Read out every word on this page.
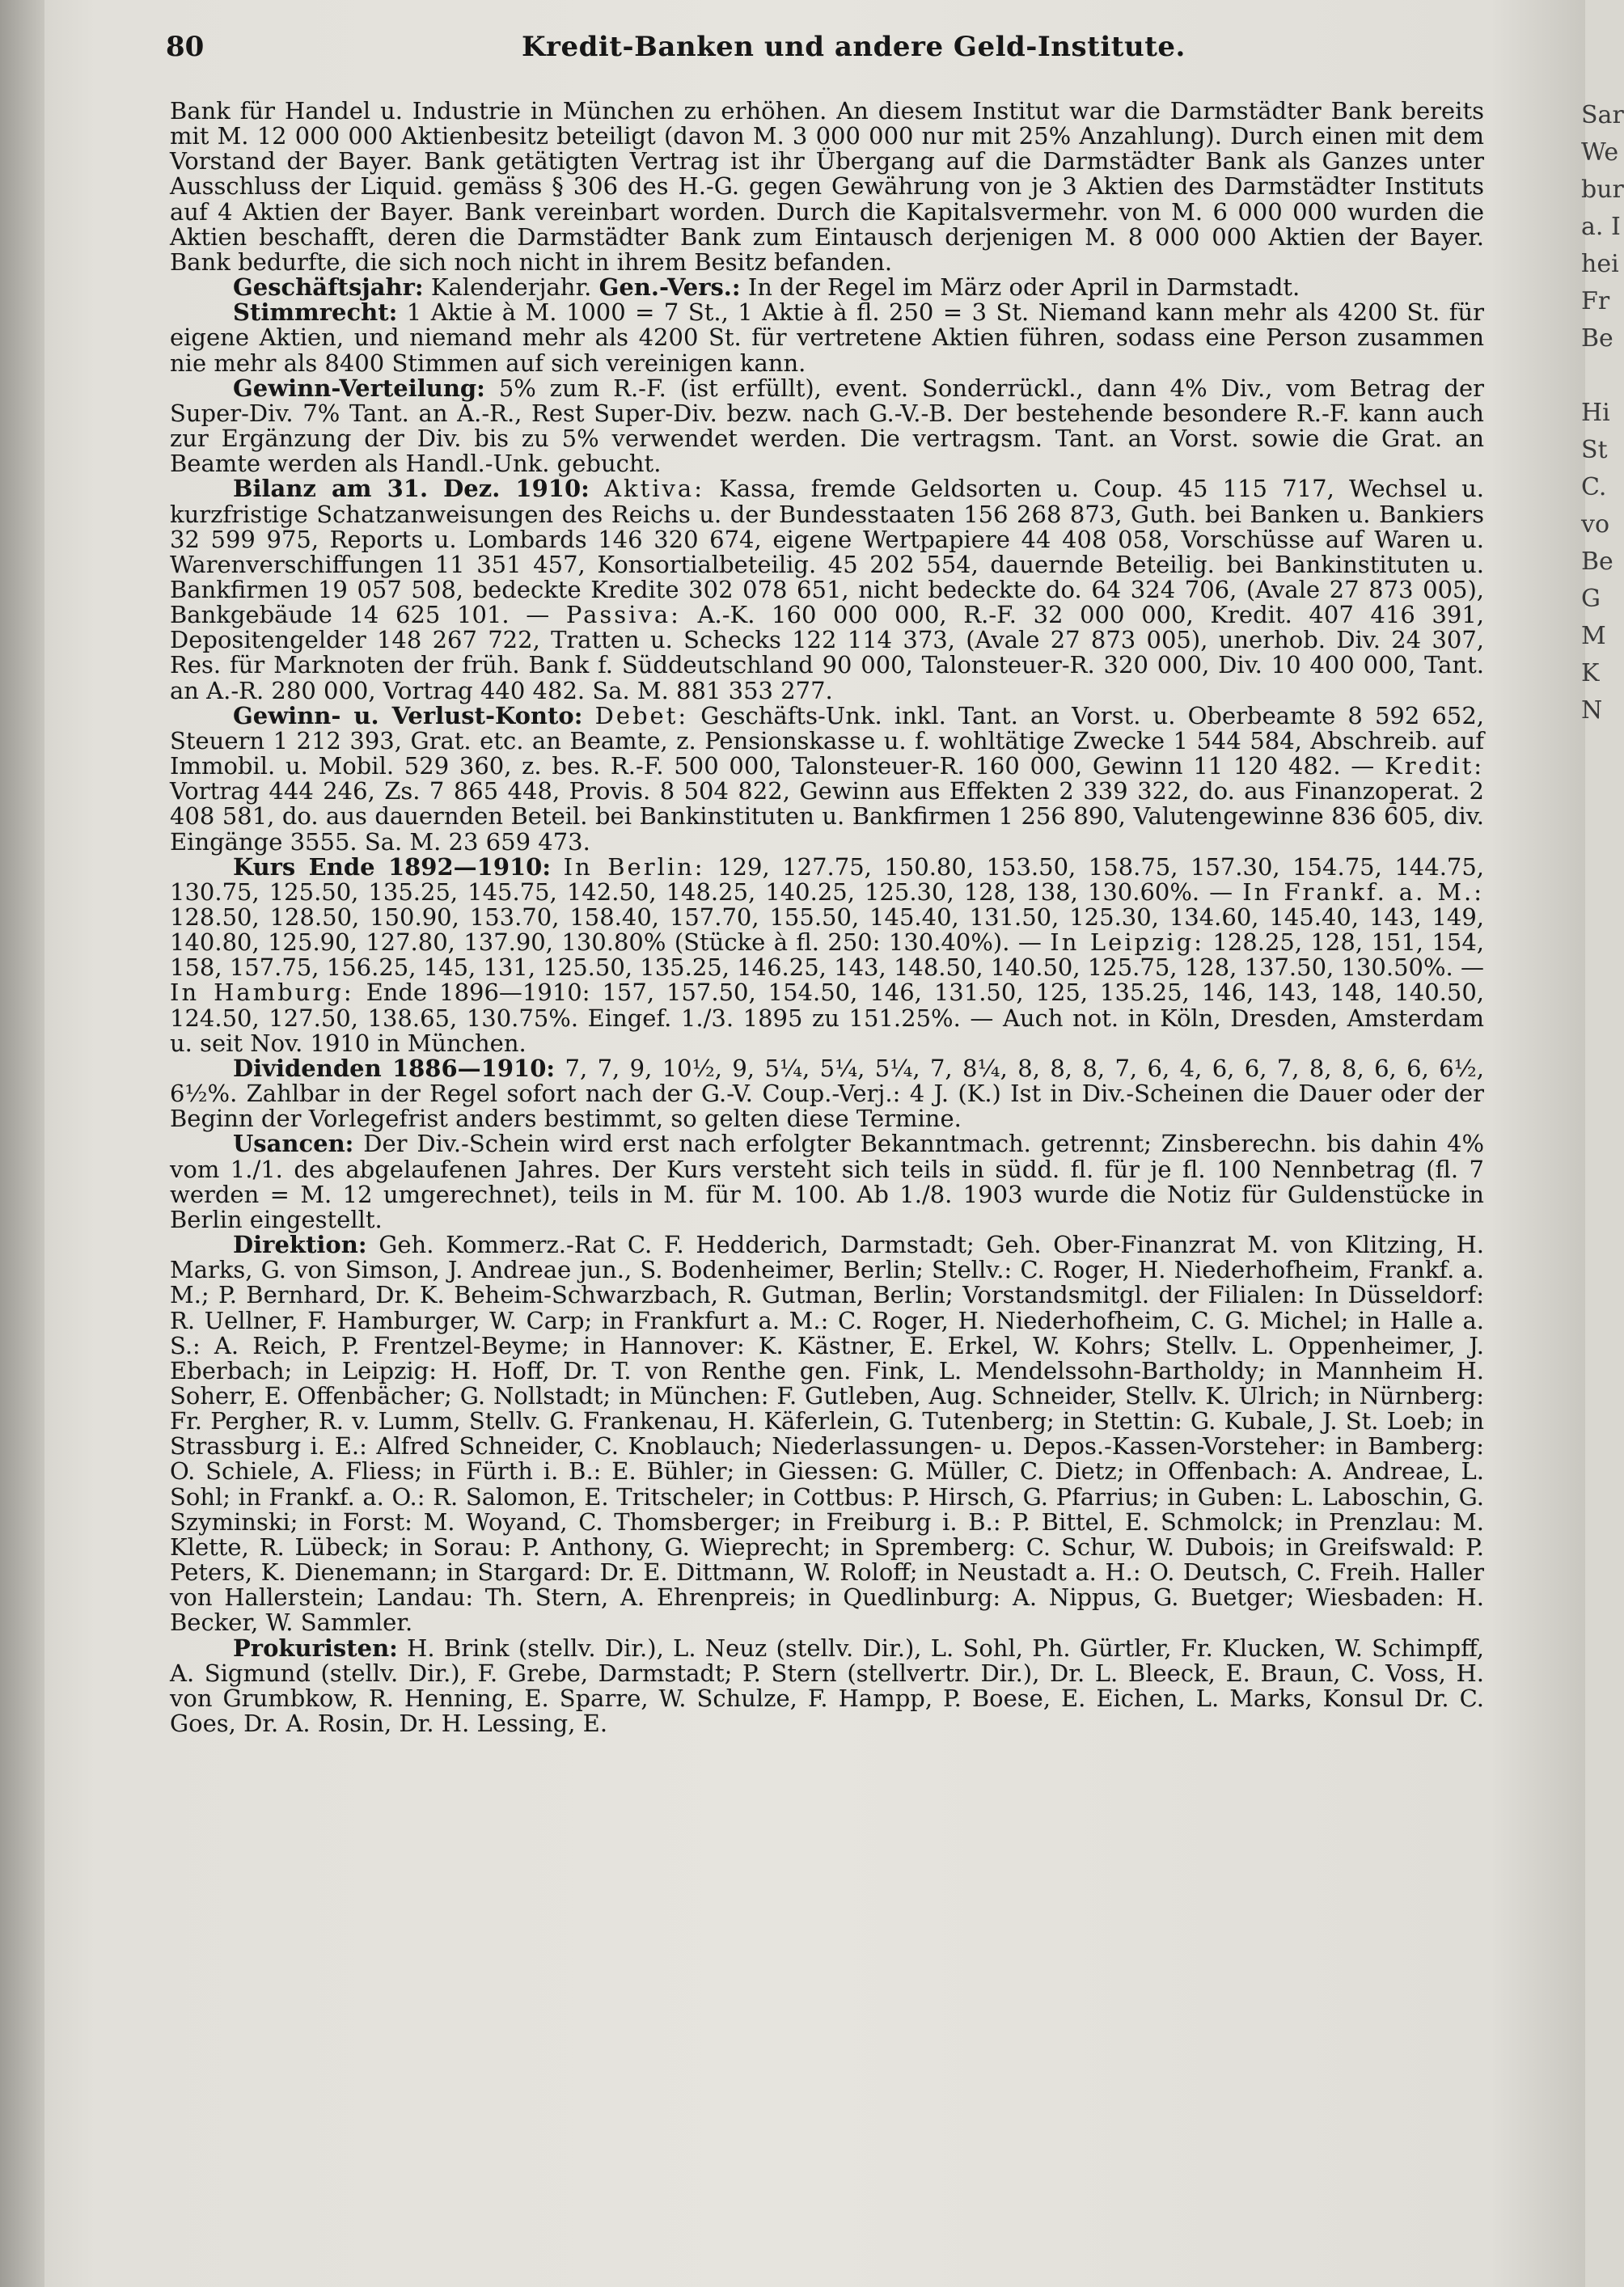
80	Kredit-Banken und andere Geld-Institute.

Bank für Handel u. Industrie in München zu erhöhen. An diesem Institut war die Darmstädter Bank bereits mit M. 12 000 000 Aktienbesitz beteiligt (davon M. 3 000 000 nur mit 25% Anzahlung). Durch einen mit dem Vorstand der Bayer. Bank getätigten Vertrag ist ihr Übergang auf die Darmstädter Bank als Ganzes unter Ausschluss der Liquid. gemäss § 306 des H.-G. gegen Gewährung von je 3 Aktien des Darmstädter Instituts auf 4 Aktien der Bayer. Bank vereinbart worden. Durch die Kapitalsvermehr. von M. 6 000 000 wurden die Aktien beschafft, deren die Darmstädter Bank zum Eintausch derjenigen M. 8 000 000 Aktien der Bayer. Bank bedurfte, die sich noch nicht in ihrem Besitz befanden.

Geschäftsjahr: Kalenderjahr. Gen.-Vers.: In der Regel im März oder April in Darmstadt.

Stimmrecht: 1 Aktie à M. 1000 = 7 St., 1 Aktie à fl. 250 = 3 St. Niemand kann mehr als 4200 St. für eigene Aktien, und niemand mehr als 4200 St. für vertretene Aktien führen, sodass eine Person zusammen nie mehr als 8400 Stimmen auf sich vereinigen kann.

Gewinn-Verteilung: 5% zum R.-F. (ist erfüllt), event. Sonderrückl., dann 4% Div., vom Betrag der Super-Div. 7% Tant. an A.-R., Rest Super-Div. bezw. nach G.-V.-B. Der bestehende besondere R.-F. kann auch zur Ergänzung der Div. bis zu 5% verwendet werden. Die vertragsm. Tant. an Vorst. sowie die Grat. an Beamte werden als Handl.-Unk. gebucht.

Bilanz am 31. Dez. 1910: Aktiva: Kassa, fremde Geldsorten u. Coup. 45 115 717, Wechsel u. kurzfristige Schatzanweisungen des Reichs u. der Bundesstaaten 156 268 873, Guth. bei Banken u. Bankiers 32 599 975, Reports u. Lombards 146 320 674, eigene Wertpapiere 44 408 058, Vorschüsse auf Waren u. Warenverschiffungen 11 351 457, Konsortialbeteilig. 45 202 554, dauernde Beteilig. bei Bankinstituten u. Bankfirmen 19 057 508, bedeckte Kredite 302 078 651, nicht bedeckte do. 64 324 706, (Avale 27 873 005), Bankgebäude 14 625 101. — Passiva: A.-K. 160 000 000, R.-F. 32 000 000, Kredit. 407 416 391, Depositengelder 148 267 722, Tratten u. Schecks 122 114 373, (Avale 27 873 005), unerhob. Div. 24 307, Res. für Marknoten der früh. Bank f. Süddeutschland 90 000, Talonsteuer-R. 320 000, Div. 10 400 000, Tant. an A.-R. 280 000, Vortrag 440 482. Sa. M. 881 353 277.

Gewinn- u. Verlust-Konto: Debet: Geschäfts-Unk. inkl. Tant. an Vorst. u. Oberbeamte 8 592 652, Steuern 1 212 393, Grat. etc. an Beamte, z. Pensionskasse u. f. wohltätige Zwecke 1 544 584, Abschreib. auf Immobil. u. Mobil. 529 360, z. bes. R.-F. 500 000, Talonsteuer-R. 160 000, Gewinn 11 120 482. — Kredit: Vortrag 444 246, Zs. 7 865 448, Provis. 8 504 822, Gewinn aus Effekten 2 339 322, do. aus Finanzoperat. 2 408 581, do. aus dauernden Beteil. bei Bankinstituten u. Bankfirmen 1 256 890, Valutengewinne 836 605, div. Eingänge 3555. Sa. M. 23 659 473.

Kurs Ende 1892—1910: In Berlin: 129, 127.75, 150.80, 153.50, 158.75, 157.30, 154.75, 144.75, 130.75, 125.50, 135.25, 145.75, 142.50, 148.25, 140.25, 125.30, 128, 138, 130.60%. — In Frankf. a. M.: 128.50, 128.50, 150.90, 153.70, 158.40, 157.70, 155.50, 145.40, 131.50, 125.30, 134.60, 145.40, 143, 149, 140.80, 125.90, 127.80, 137.90, 130.80% (Stücke à fl. 250: 130.40%). — In Leipzig: 128.25, 128, 151, 154, 158, 157.75, 156.25, 145, 131, 125.50, 135.25, 146.25, 143, 148.50, 140.50, 125.75, 128, 137.50, 130.50%. — In Hamburg: Ende 1896—1910: 157, 157.50, 154.50, 146, 131.50, 125, 135.25, 146, 143, 148, 140.50, 124.50, 127.50, 138.65, 130.75%. Eingef. 1./3. 1895 zu 151.25%. — Auch not. in Köln, Dresden, Amsterdam u. seit Nov. 1910 in München.

Dividenden 1886—1910: 7, 7, 9, 10½, 9, 5¼, 5¼, 5¼, 7, 8¼, 8, 8, 8, 7, 6, 4, 6, 6, 7, 8, 8, 6, 6, 6½, 6½%. Zahlbar in der Regel sofort nach der G.-V. Coup.-Verj.: 4 J. (K.) Ist in Div.-Scheinen die Dauer oder der Beginn der Vorlegefrist anders bestimmt, so gelten diese Termine.

Usancen: Der Div.-Schein wird erst nach erfolgter Bekanntmach. getrennt; Zinsberechn. bis dahin 4% vom 1./1. des abgelaufenen Jahres. Der Kurs versteht sich teils in südd. fl. für je fl. 100 Nennbetrag (fl. 7 werden = M. 12 umgerechnet), teils in M. für M. 100. Ab 1./8. 1903 wurde die Notiz für Guldenstücke in Berlin eingestellt.

Direktion: Geh. Kommerz.-Rat C. F. Hedderich, Darmstadt; Geh. Ober-Finanzrat M. von Klitzing, H. Marks, G. von Simson, J. Andreae jun., S. Bodenheimer, Berlin; Stellv.: C. Roger, H. Niederhofheim, Frankf. a. M.; P. Bernhard, Dr. K. Beheim-Schwarzbach, R. Gutman, Berlin; Vorstandsmitgl. der Filialen: In Düsseldorf: R. Uellner, F. Hamburger, W. Carp; in Frankfurt a. M.: C. Roger, H. Niederhofheim, C. G. Michel; in Halle a. S.: A. Reich, P. Frentzel-Beyme; in Hannover: K. Kästner, E. Erkel, W. Kohrs; Stellv. L. Oppenheimer, J. Eberbach; in Leipzig: H. Hoff, Dr. T. von Renthe gen. Fink, L. Mendelssohn-Bartholdy; in Mannheim H. Soherr, E. Offenbächer; G. Nollstadt; in München: F. Gutleben, Aug. Schneider, Stellv. K. Ulrich; in Nürnberg: Fr. Pergher, R. v. Lumm, Stellv. G. Frankenau, H. Käferlein, G. Tutenberg; in Stettin: G. Kubale, J. St. Loeb; in Strassburg i. E.: Alfred Schneider, C. Knoblauch; Niederlassungen- u. Depos.-Kassen-Vorsteher: in Bamberg: O. Schiele, A. Fliess; in Fürth i. B.: E. Bühler; in Giessen: G. Müller, C. Dietz; in Offenbach: A. Andreae, L. Sohl; in Frankf. a. O.: R. Salomon, E. Tritscheler; in Cottbus: P. Hirsch, G. Pfarrius; in Guben: L. Laboschin, G. Szyminski; in Forst: M. Woyand, C. Thomsberger; in Freiburg i. B.: P. Bittel, E. Schmolck; in Prenzlau: M. Klette, R. Lübeck; in Sorau: P. Anthony, G. Wieprecht; in Spremberg: C. Schur, W. Dubois; in Greifswald: P. Peters, K. Dienemann; in Stargard: Dr. E. Dittmann, W. Roloff; in Neustadt a. H.: O. Deutsch, C. Freih. Haller von Hallerstein; Landau: Th. Stern, A. Ehrenpreis; in Quedlinburg: A. Nippus, G. Buetger; Wiesbaden: H. Becker, W. Sammler.

Prokuristen: H. Brink (stellv. Dir.), L. Neuz (stellv. Dir.), L. Sohl, Ph. Gürtler, Fr. Klucken, W. Schimpff, A. Sigmund (stellv. Dir.), F. Grebe, Darmstadt; P. Stern (stellvertr. Dir.), Dr. L. Bleeck, E. Braun, C. Voss, H. von Grumbkow, R. Henning, E. Sparre, W. Schulze, F. Hampp, P. Boese, E. Eichen, L. Marks, Konsul Dr. C. Goes, Dr. A. Rosin, Dr. H. Lessing, E.

Sar
We
bur
a. I
hei
Fr
Be

Hi
St
C.
vo
Be
G
M
K
N
